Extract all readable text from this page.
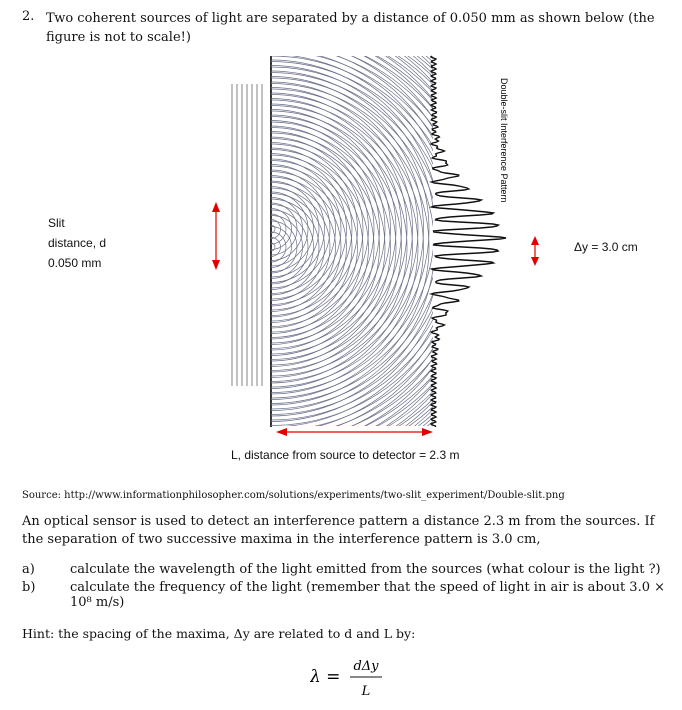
2. Two coherent sources of light are separated by a distance of 0.050 mm as shown below (the figure is not to scale!)
Double-slit Interference Pattern
Slit
distance, d
0.050 mm
Δy = 3.0 cm
L, distance from source to detector = 2.3 m
Source: http://www.informationphilosopher.com/solutions/experiments/two-slit_experiment/Double-slit.png
An optical sensor is used to detect an interference pattern a distance 2.3 m from the sources. If the separation of two successive maxima in the interference pattern is 3.0 cm,
a)	calculate the wavelength of the light emitted from the sources (what colour is the light ?)
b)	calculate the frequency of the light (remember that the speed of light in air is about 3.0 × 10⁸ m/s)
Hint: the spacing of the maxima, Δy are related to d and L by:
λ =
dΔy
L
